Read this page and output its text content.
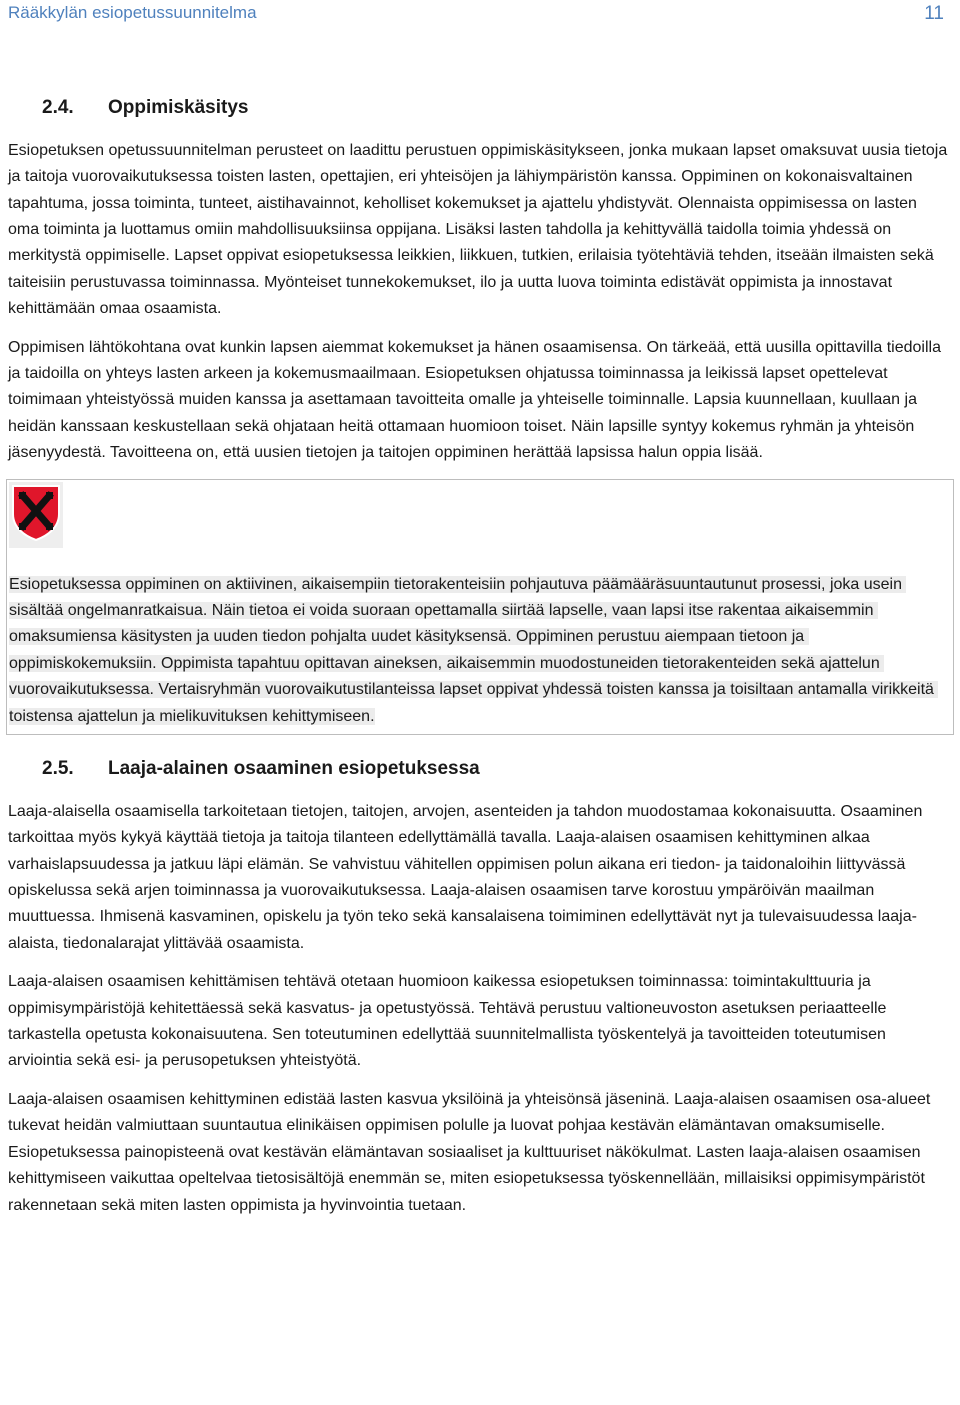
Rääkkylän esiopetussuunnitelma	11
2.4.	Oppimiskäsitys

Esiopetuksen opetussuunnitelman perusteet on laadittu perustuen oppimiskäsitykseen, jonka mukaan lapset omaksuvat uusia tietoja ja taitoja vuorovaikutuksessa toisten lasten, opettajien, eri yhteisöjen ja lähiympäristön kanssa. Oppiminen on kokonaisvaltainen tapahtuma, jossa toiminta, tunteet, aistihavainnot, keholliset kokemukset ja ajattelu yhdistyvät. Olennaista oppimisessa on lasten oma toiminta ja luottamus omiin mahdollisuuksiinsa oppijana. Lisäksi lasten tahdolla ja kehittyvällä taidolla toimia yhdessä on merkitystä oppimiselle. Lapset oppivat esiopetuksessa leikkien, liikkuen, tutkien, erilaisia työtehtäviä tehden, itseään ilmaisten sekä taiteisiin perustuvassa toiminnassa. Myönteiset tunnekokemukset, ilo ja uutta luova toiminta edistävät oppimista ja innostavat kehittämään omaa osaamista.

Oppimisen lähtökohtana ovat kunkin lapsen aiemmat kokemukset ja hänen osaamisensa. On tärkeää, että uusilla opittavilla tiedoilla ja taidoilla on yhteys lasten arkeen ja kokemusmaailmaan. Esiopetuksen ohjatussa toiminnassa ja leikissä lapset opettelevat toimimaan yhteistyössä muiden kanssa ja asettamaan tavoitteita omalle ja yhteiselle toiminnalle. Lapsia kuunnellaan, kuullaan ja heidän kanssaan keskustellaan sekä ohjataan heitä ottamaan huomioon toiset. Näin lapsille syntyy kokemus ryhmän ja yhteisön jäsenyydestä. Tavoitteena on, että uusien tietojen ja taitojen oppiminen herättää lapsissa halun oppia lisää.

Esiopetuksessa oppiminen on aktiivinen, aikaisempiin tietorakenteisiin pohjautuva päämääräsuuntautunut prosessi, joka usein sisältää ongelmanratkaisua. Näin tietoa ei voida suoraan opettamalla siirtää lapselle, vaan lapsi itse rakentaa aikaisemmin omaksumiensa käsitysten ja uuden tiedon pohjalta uudet käsityksensä. Oppiminen perustuu aiempaan tietoon ja oppimiskokemuksiin. Oppimista tapahtuu opittavan aineksen, aikaisemmin muodostuneiden tietorakenteiden sekä ajattelun vuorovaikutuksessa. Vertaisryhmän vuorovaikutustilanteissa lapset oppivat yhdessä toisten kanssa ja toisiltaan antamalla virikkeitä toistensa ajattelun ja mielikuvituksen kehittymiseen.

2.5.	Laaja-alainen osaaminen esiopetuksessa

Laaja-alaisella osaamisella tarkoitetaan tietojen, taitojen, arvojen, asenteiden ja tahdon muodostamaa kokonaisuutta. Osaaminen tarkoittaa myös kykyä käyttää tietoja ja taitoja tilanteen edellyttämällä tavalla. Laaja-alaisen osaamisen kehittyminen alkaa varhaislapsuudessa ja jatkuu läpi elämän. Se vahvistuu vähitellen oppimisen polun aikana eri tiedon- ja taidonaloihin liittyvässä opiskelussa sekä arjen toiminnassa ja vuorovaikutuksessa. Laaja-alaisen osaamisen tarve korostuu ympäröivän maailman muuttuessa. Ihmisenä kasvaminen, opiskelu ja työn teko sekä kansalaisena toimiminen edellyttävät nyt ja tulevaisuudessa laaja-alaista, tiedonalarajat ylittävää osaamista.

Laaja-alaisen osaamisen kehittämisen tehtävä otetaan huomioon kaikessa esiopetuksen toiminnassa: toimintakulttuuria ja oppimisympäristöjä kehitettäessä sekä kasvatus- ja opetustyössä. Tehtävä perustuu valtioneuvoston asetuksen periaatteelle tarkastella opetusta kokonaisuutena. Sen toteutuminen edellyttää suunnitelmallista työskentelyä ja tavoitteiden toteutumisen arviointia sekä esi- ja perusopetuksen yhteistyötä.

Laaja-alaisen osaamisen kehittyminen edistää lasten kasvua yksilöinä ja yhteisönsä jäseninä. Laaja-alaisen osaamisen osa-alueet tukevat heidän valmiuttaan suuntautua elinikäisen oppimisen polulle ja luovat pohjaa kestävän elämäntavan omaksumiselle. Esiopetuksessa painopisteenä ovat kestävän elämäntavan sosiaaliset ja kulttuuriset näkökulmat. Lasten laaja-alaisen osaamisen kehittymiseen vaikuttaa opeltelvaa tietosisältöjä enemmän se, miten esiopetuksessa työskennellään, millaisiksi oppimisympäristöt rakennetaan sekä miten lasten oppimista ja hyvinvointia tuetaan.
